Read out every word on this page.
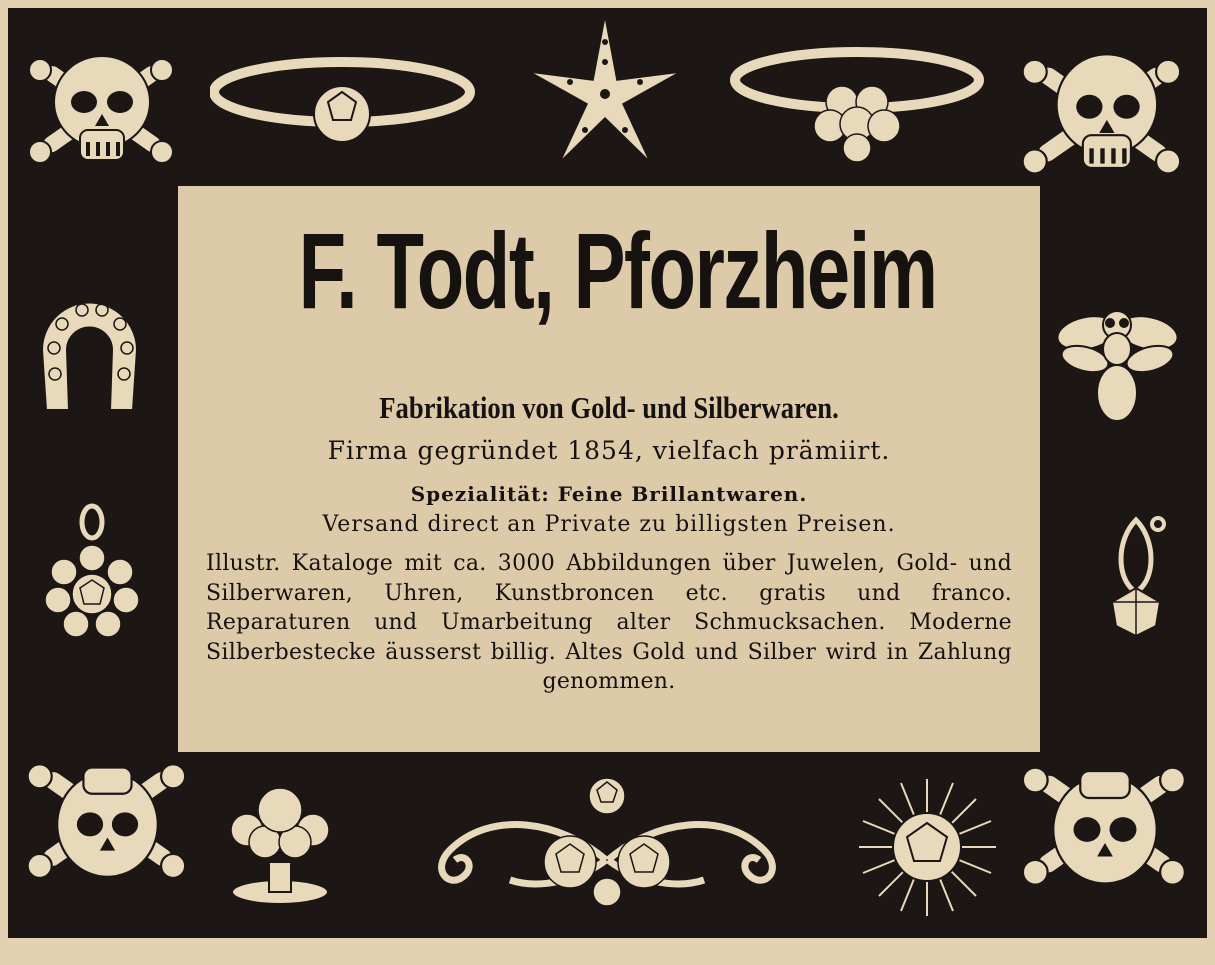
F. Todt, Pforzheim
Fabrikation von Gold- und Silberwaren.
Firma gegründet 1854, vielfach prämiirt.
Spezialität: Feine Brillantwaren.
Versand direct an Private zu billigsten Preisen.
Illustr. Kataloge mit ca. 3000 Abbildungen über Juwelen, Gold- und Silberwaren, Uhren, Kunstbroncen etc. gratis und franco. Reparaturen und Umarbeitung alter Schmucksachen. Moderne Silberbestecke äusserst billig. Altes Gold und Silber wird in Zahlung genommen.
